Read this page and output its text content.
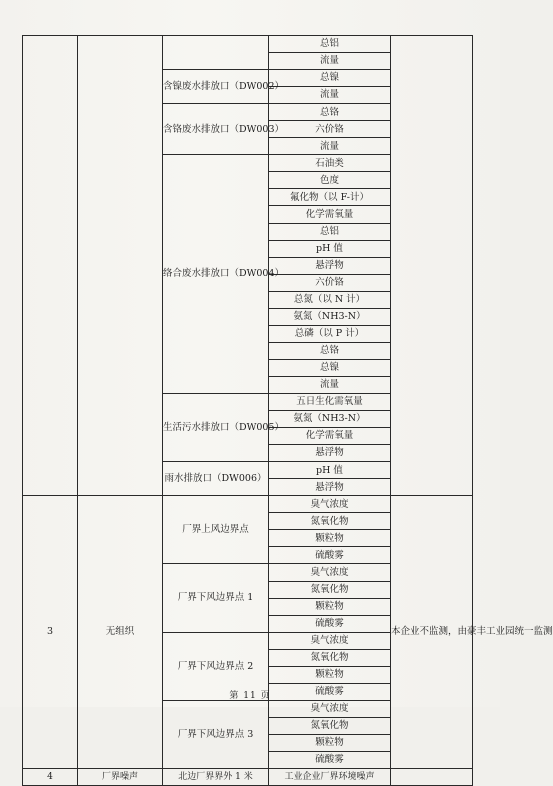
			总铝	
			流量	
		含镍废水排放口（DW002）	总镍	
			流量	
		含铬废水排放口（DW003）	总铬	
			六价铬	
			流量	
		络合废水排放口（DW004）	石油类	
			色度	
			氟化物（以 F-计）	
			化学需氧量	
			总铝	
			pH 值	
			悬浮物	
			六价铬	
			总氮（以 N 计）	
			氨氮（NH3-N）	
			总磷（以 P 计）	
			总铬	
			总镍	
			流量	
		生活污水排放口（DW005）	五日生化需氧量	
			氨氮（NH3-N）	
			化学需氧量	
			悬浮物	
		雨水排放口（DW006）	pH 值	
			悬浮物	
3	无组织	厂界上风边界点	臭气浓度	本企业不监测，由豪丰工业园统一监测
			氮氧化物	
			颗粒物	
			硫酸雾	
		厂界下风边界点 1	臭气浓度	
			氮氧化物	
			颗粒物	
			硫酸雾	
		厂界下风边界点 2	臭气浓度	
			氮氧化物	
			颗粒物	
			硫酸雾	
		厂界下风边界点 3	臭气浓度	
			氮氧化物	
			颗粒物	
			硫酸雾	
4	厂界噪声	北边厂界界外 1 米	工业企业厂界环境噪声	
第 11 页
